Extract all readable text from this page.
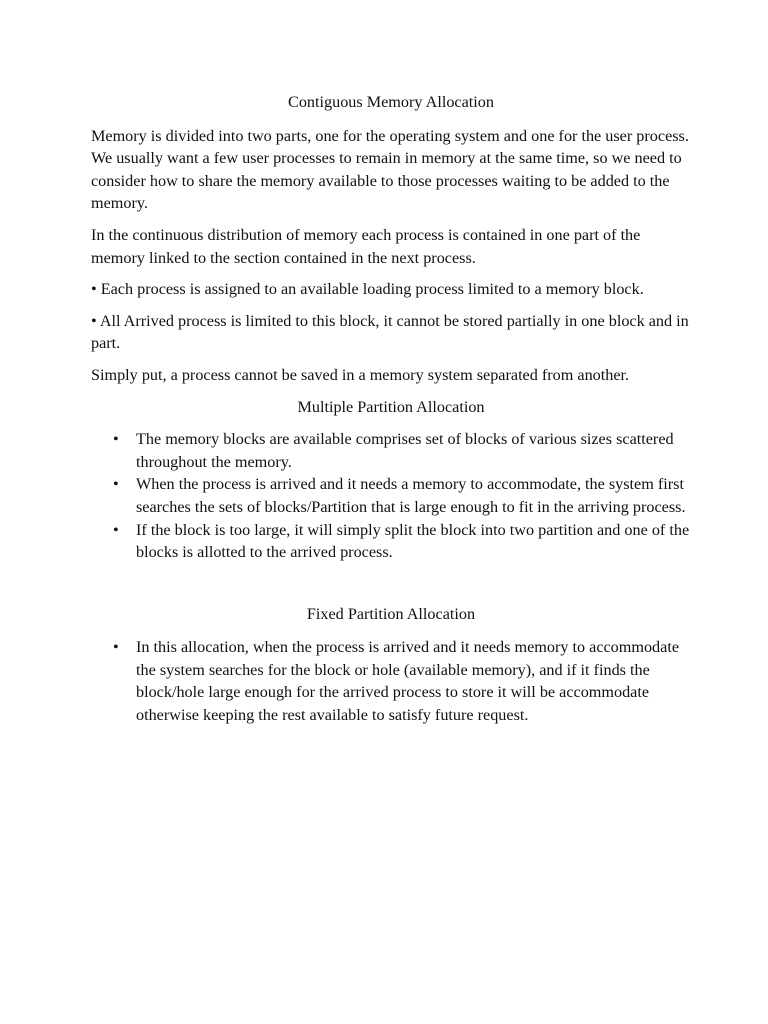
Contiguous Memory Allocation

Memory is divided into two parts, one for the operating system and one for the user process. We usually want a few user processes to remain in memory at the same time, so we need to consider how to share the memory available to those processes waiting to be added to the memory.

In the continuous distribution of memory each process is contained in one part of the memory linked to the section contained in the next process.

• Each process is assigned to an available loading process limited to a memory block.

• All Arrived process is limited to this block, it cannot be stored partially in one block and in part.

Simply put, a process cannot be saved in a memory system separated from another.

Multiple Partition Allocation

• The memory blocks are available comprises set of blocks of various sizes scattered throughout the memory.
• When the process is arrived and it needs a memory to accommodate, the system first searches the sets of blocks/Partition that is large enough to fit in the arriving process.
• If the block is too large, it will simply split the block into two partition and one of the blocks is allotted to the arrived process.

Fixed Partition Allocation

• In this allocation, when the process is arrived and it needs memory to accommodate the system searches for the block or hole (available memory), and if it finds the block/hole large enough for the arrived process to store it will be accommodate otherwise keeping the rest available to satisfy future request.
